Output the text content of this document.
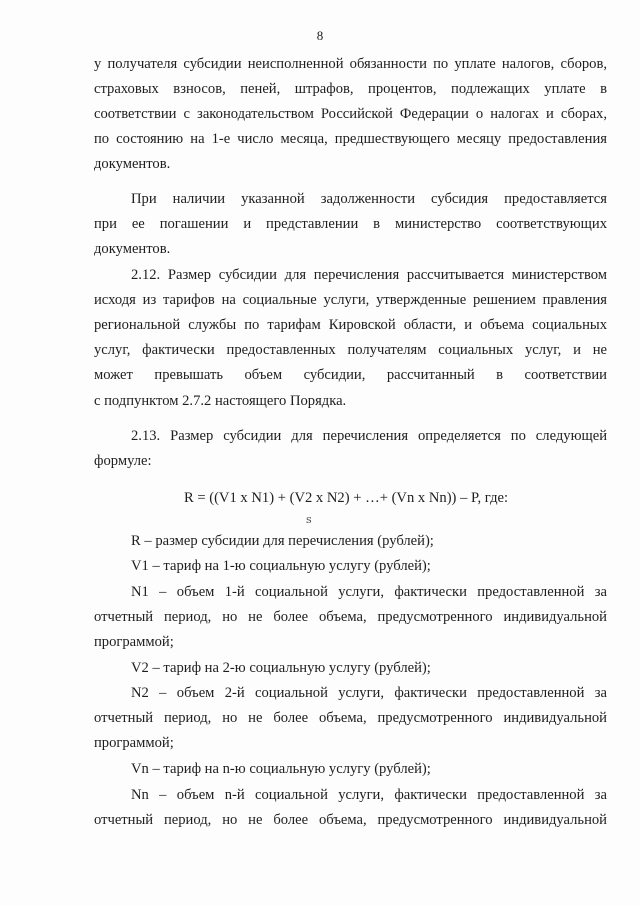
8
у получателя субсидии неисполненной обязанности по уплате налогов, сборов,
страховых взносов, пеней, штрафов, процентов, подлежащих уплате в
соответствии с законодательством Российской Федерации о налогах и сборах,
по состоянию на 1-е число месяца, предшествующего месяцу предоставления
документов.
При наличии указанной задолженности субсидия предоставляется
при ее погашении и представлении в министерство соответствующих
документов.
2.12. Размер субсидии для перечисления рассчитывается министерством
исходя из тарифов на социальные услуги, утвержденные решением правления
региональной службы по тарифам Кировской области, и объема социальных
услуг, фактически предоставленных получателям социальных услуг, и не
может превышать объем субсидии, рассчитанный в соответствии
с подпунктом 2.7.2 настоящего Порядка.
2.13. Размер субсидии для перечисления определяется по следующей
формуле:
R – размер субсидии для перечисления (рублей);
V1 – тариф на 1-ю социальную услугу (рублей);
N1 – объем 1-й социальной услуги, фактически предоставленной за
отчетный период, но не более объема, предусмотренного индивидуальной
программой;
V2 – тариф на 2-ю социальную услугу (рублей);
N2 – объем 2-й социальной услуги, фактически предоставленной за
отчетный период, но не более объема, предусмотренного индивидуальной
программой;
Vn – тариф на n-ю социальную услугу (рублей);
Nn – объем n-й социальной услуги, фактически предоставленной за
отчетный период, но не более объема, предусмотренного индивидуальной
R = ((V1 x N1) + (V2 x N2) + …+ (Vn x Nn)) – P, где:
ꜱ
